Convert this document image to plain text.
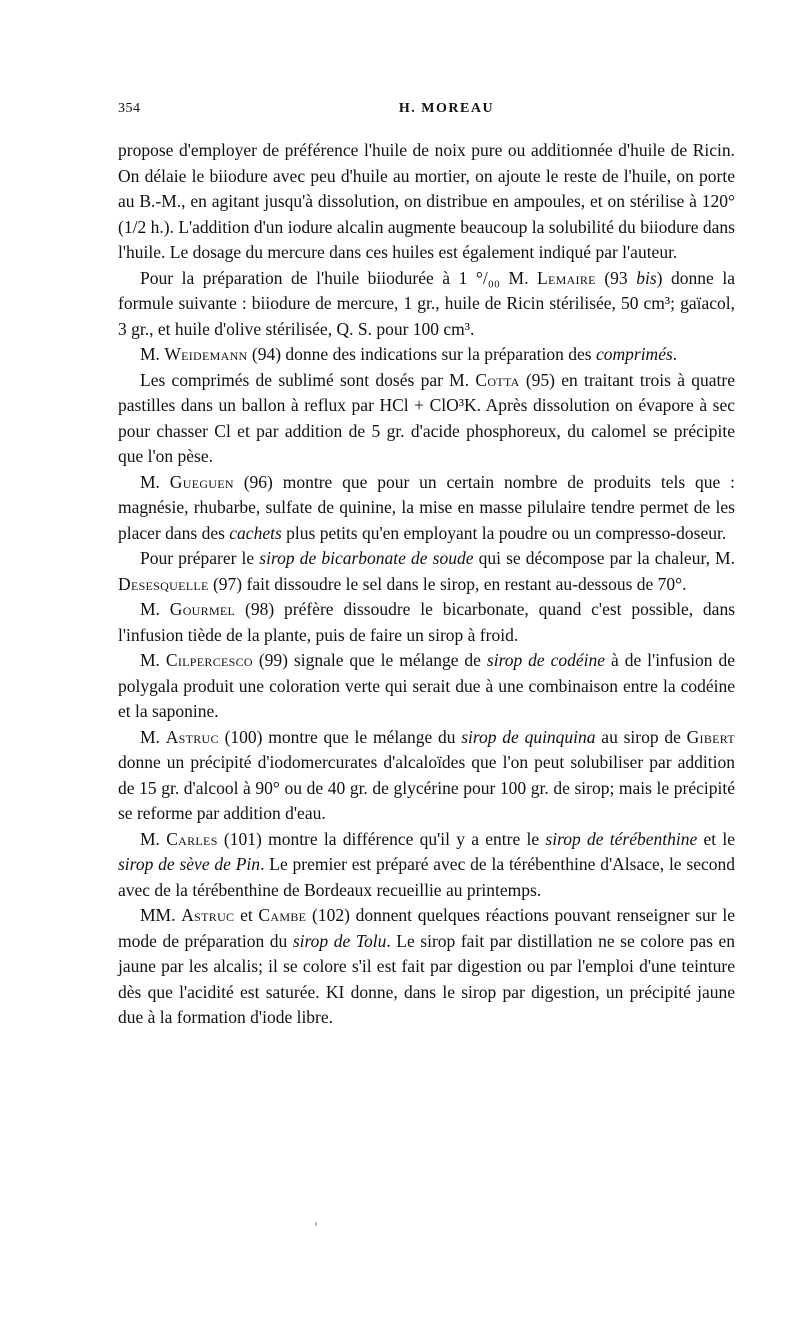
354	H. MOREAU

propose d'employer de préférence l'huile de noix pure ou additionnée d'huile de Ricin. On délaie le biiodure avec peu d'huile au mortier, on ajoute le reste de l'huile, on porte au B.-M., en agitant jusqu'à dissolution, on distribue en ampoules, et on stérilise à 120° (1/2 h.). L'addition d'un iodure alcalin augmente beaucoup la solubilité du biiodure dans l'huile. Le dosage du mercure dans ces huiles est également indiqué par l'auteur.

Pour la préparation de l'huile biiodurée à 1 °/₀₀ M. Lemaire (93 bis) donne la formule suivante : biiodure de mercure, 1 gr., huile de Ricin stérilisée, 50 cm³; gaïacol, 3 gr., et huile d'olive stérilisée, Q. S. pour 100 cm³.

M. Weidemann (94) donne des indications sur la préparation des comprimés.

Les comprimés de sublimé sont dosés par M. Cotta (95) en traitant trois à quatre pastilles dans un ballon à reflux par HCl + ClO³K. Après dissolution on évapore à sec pour chasser Cl et par addition de 5 gr. d'acide phosphoreux, du calomel se précipite que l'on pèse.

M. Gueguen (96) montre que pour un certain nombre de produits tels que : magnésie, rhubarbe, sulfate de quinine, la mise en masse pilulaire tendre permet de les placer dans des cachets plus petits qu'en employant la poudre ou un compresso-doseur.

Pour préparer le sirop de bicarbonate de soude qui se décompose par la chaleur, M. Desesquelle (97) fait dissoudre le sel dans le sirop, en restant au-dessous de 70°.

M. Gourmel (98) préfère dissoudre le bicarbonate, quand c'est possible, dans l'infusion tiède de la plante, puis de faire un sirop à froid.

M. Cilpercesco (99) signale que le mélange de sirop de codéine à de l'infusion de polygala produit une coloration verte qui serait due à une combinaison entre la codéine et la saponine.

M. Astruc (100) montre que le mélange du sirop de quinquina au sirop de Gibert donne un précipité d'iodomercurates d'alcaloïdes que l'on peut solubiliser par addition de 15 gr. d'alcool à 90° ou de 40 gr. de glycérine pour 100 gr. de sirop; mais le précipité se reforme par addition d'eau.

M. Carles (101) montre la différence qu'il y a entre le sirop de térébenthine et le sirop de sève de Pin. Le premier est préparé avec de la térébenthine d'Alsace, le second avec de la térébenthine de Bordeaux recueillie au printemps.

MM. Astruc et Cambe (102) donnent quelques réactions pouvant renseigner sur le mode de préparation du sirop de Tolu. Le sirop fait par distillation ne se colore pas en jaune par les alcalis; il se colore s'il est fait par digestion ou par l'emploi d'une teinture dès que l'acidité est saturée. KI donne, dans le sirop par digestion, un précipité jaune due à la formation d'iode libre.
